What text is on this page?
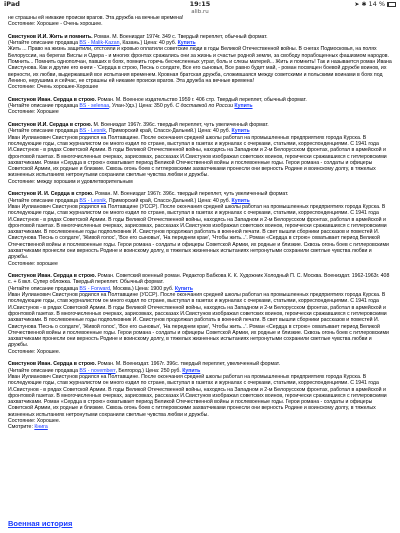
iPad	19:15	➤ ✱ 14 %
alib.ru
не страшны ей никакие происки врагов. Эта дружба на вечные времена!
Состояние: Хорошее - Очень хорошее.
Свистунов И.И. Жить и помнить. Роман. М. Воениздат 1974г. 349 с. Твердый переплет, обычный формат.
(Читайте описание продавца BS - Malik-Kazan, Казань.) Цена: 40 руб. Купить
Жить ... Право на жизнь защитили, отстояли и кровью оплатили советские люди в годы Великой Отечественной войны. В снегах Подмосковья, на полях Белоруссии, на берегах Вислы и Одера - и многих фронтах сражались они за жизнь и счастье родной земли, за свободу порабощенных фашизмом народов. Помнить... Помнить однополчан, павших в боях, помнить горечь бесчисленных утрат, боль и слезы матерей... Жить и помнить! Так и называется роман Ивана Свистунова. Как и другие его книги - 'Сердца в строю, Песнь о солдате, Все его сыновья, Все равно будет май, - роман посвящен боевой дружбе воинов, их верности, их любви, выдержавшей все испытания временем. Кровная братская дружба, сложившаяся между советскими и польскими воинами в боях под Ленино, нерушима и сейчас, не страшны ей никакие происки врагов. Эта дружба на вечные времена!
Состояние: Очень хорошее-Хорошее
Свистунов Иван. Сердца в строю. Роман. М. Военное издательство 1959 г. 406 стр. Твердый переплет, обычный формат.
(Читайте описание продавца BS - selenaa, Улан-Удэ.) Цена: 350 руб. С доставкой по России Купить
Состояние: Хорошее
Свистунов И.И. Сердца в строю. М. Воениздат 1967г. 396с. твердый переплет, чуть увеличенный формат.
(Читайте описание продавца BS - Lesnik, Приморский край, Спасск-Дальний.) Цена: 40 руб. Купить
Иван Иулианович Свистунов родился на Полтавщине. После окончания средней школы работал на промышленных предприятиях города Курска. В последующие годы, став журналистом он много ездил по стране, выступал в газетах и журналах с очерками, статьями, корреспонденциями. С 1941 года И.Свистунов - в рядах Советской Армии. В годы Великой Отечественной войны, находясь на Западном и 2-м Белорусском фронтах, работал в армейской и фронтовой газетах. В многочисленных очерках, зарисовках, рассказах И.Свистунов изображал советских воинов, героически сражавшихся с гитлеровскими захватчиками. Роман «Сердца в строю» охватывает период Великой Отечественной войны и послевоенные годы. Герои романа - солдаты и офицеры Советской Армии, их родные и близкие. Сквозь огонь боев с гитлеровскими захватчиками пронесли они верность Родине и воинскому долгу, в тяжелых жизненных испытаниях нетронутыми сохранили светлые чувства любви и дружбы.
Состояние: между хорошим и удовлетворительным
Свистунов И. И. Сердца в строю. Роман. М. Воениздат 1967г. 396с. твердый переплет, чуть увеличенный формат.
(Читайте описание продавца BS - Lesnik, Приморский край, Спасск-Дальний.) Цена: 40 руб. Купить
Иван Иулианович Свистунов родился на Полтавщине (УССР). После окончания средней школы работал на промышленных предприятиях города Курска. В последующие годы, став журналистом он много ездил по стране, выступал в газетах и журналах с очерками, статьями, корреспонденциями. С 1941 года И.Свистунов - в рядах Советской Армии. В годы Великой Отечественной войны, находясь на Западном и 2-м Белорусском фронтах, работал в армейской и фронтовой газетах. В многочисленных очерках, зарисовках, рассказах И.Свистунов изображал советских воинов, героически сражавшихся с гитлеровскими захватчиками. В послевоенные годы подполковник И. Свистунов продолжал работать в военной печати. В свет вышли сборники рассказов и повестей И. Свистунова 'Песнь о солдате', 'Живой голос', 'Все его сыновья', 'На переднем крае', 'Чтобы жить...'. Роман «Сердца в строю» охватывает период Великой Отечественной войны и послевоенные годы. Герои романа - солдаты и офицеры Советской Армии, их родные и близкие. Сквозь огонь боев с гитлеровскими захватчиками пронесли они верность Родине и воинскому долгу, в тяжелых жизненных испытаниях нетронутыми сохранили светлые чувства любви и дружбы.
Состояние: хорошее
Свистунов Иван. Сердца в строю. Роман. Советский военный роман. Редактор Бабкова К. К. Художник Холодный П. С. Москва. Воениздат. 1962-1963г. 408 с. + 6 вкл. Супер обложка. Твердый переплет. Обычный формат.
(Читайте описание продавца BS - Forward, Москва.) Цена: 1900 руб. Купить
Иван Иулианович Свистунов родился на Полтавщине (УССР). После окончания средней школы работал на промышленных предприятиях города Курска. В последующие годы, став журналистом он много ездил по стране, выступал в газетах и журналах с очерками, статьями, корреспонденциями. С 1941 года И.Свистунов - в рядах Советской Армии. В годы Великой Отечественной войны, находясь на Западном и 2-м Белорусском фронтах, работал в армейской и фронтовой газетах. В многочисленных очерках, зарисовках, рассказах И.Свистунов изображал советских воинов, героически сражавшихся с гитлеровскими захватчиками. В послевоенные годы подполковник И. Свистунов продолжал работать в военной печати. В свет вышли сборники рассказов и повестей И. Свистунова 'Песнь о солдате', 'Живой голос', 'Все его сыновья', 'На переднем крае', 'Чтобы жить...'. Роман «Сердца в строю» охватывает период Великой Отечественной войны и послевоенные годы. Герои романа - солдаты и офицеры Советской Армии, их родные и близкие. Сквозь огонь боев с гитлеровскими захватчиками пронесли они верность Родине и воинскому долгу, в тяжелых жизненных испытаниях нетронутыми сохранили светлые чувства любви и дружбы.
Состояние: Хорошее.
Свистунов Иван. Сердца в строю. Роман. М. Воениздат. 1967г. 396с. твердый переплет, увеличенный формат.
(Читайте описание продавца BS - novemberr, Белгород.) Цена: 250 руб. Купить
Иван Иулианович Свистунов родился на Полтавщине. После окончания средней школы работал на промышленных предприятиях города Курска. В последующие годы, став журналистом он много ездил по стране, выступал в газетах и журналах с очерками, статьями, корреспонденциями. С 1941 года И.Свистунов - в рядах Советской Армии. В годы Великой Отечественной войны, находясь на Западном и 2-м Белорусском фронтах, работал в армейской и фронтовой газетах. В многочисленных очерках, зарисовках, рассказах И.Свистунов изображал советских воинов, героически сражавшихся с гитлеровскими захватчиками. Роман «Сердца в строю» охватывает период Великой Отечественной войны и послевоенные годы. Герои романа - солдаты и офицеры Советской Армии, их родные и близкие. Сквозь огонь боев с гитлеровскими захватчиками пронесли они верность Родине и воинскому долгу, в тяжелых жизненных испытаниях нетронутыми сохранили светлые чувства любви и дружбы.
Состояние: Хорошее.
Смотрите: Книга
Военная история
